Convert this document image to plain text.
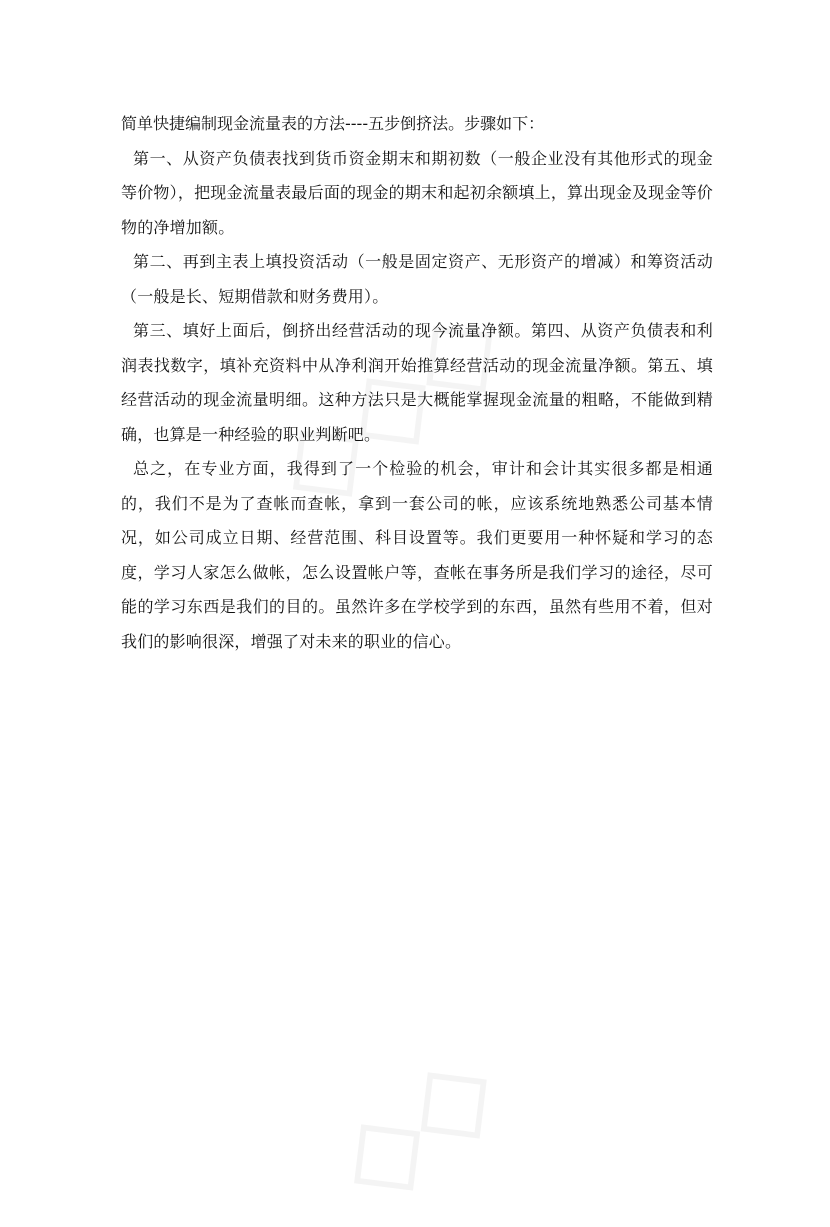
简单快捷编制现金流量表的方法----五步倒挤法。步骤如下：

第一、从资产负债表找到货币资金期末和期初数（一般企业没有其他形式的现金等价物），把现金流量表最后面的现金的期末和起初余额填上，算出现金及现金等价物的净增加额。

第二、再到主表上填投资活动（一般是固定资产、无形资产的增减）和筹资活动（一般是长、短期借款和财务费用）。

第三、填好上面后，倒挤出经营活动的现今流量净额。第四、从资产负债表和利润表找数字，填补充资料中从净利润开始推算经营活动的现金流量净额。第五、填经营活动的现金流量明细。这种方法只是大概能掌握现金流量的粗略，不能做到精确，也算是一种经验的职业判断吧。

总之，在专业方面，我得到了一个检验的机会，审计和会计其实很多都是相通的，我们不是为了查帐而查帐，拿到一套公司的帐，应该系统地熟悉公司基本情况，如公司成立日期、经营范围、科目设置等。我们更要用一种怀疑和学习的态度，学习人家怎么做帐，怎么设置帐户等，查帐在事务所是我们学习的途径，尽可能的学习东西是我们的目的。虽然许多在学校学到的东西，虽然有些用不着，但对我们的影响很深，增强了对未来的职业的信心。
